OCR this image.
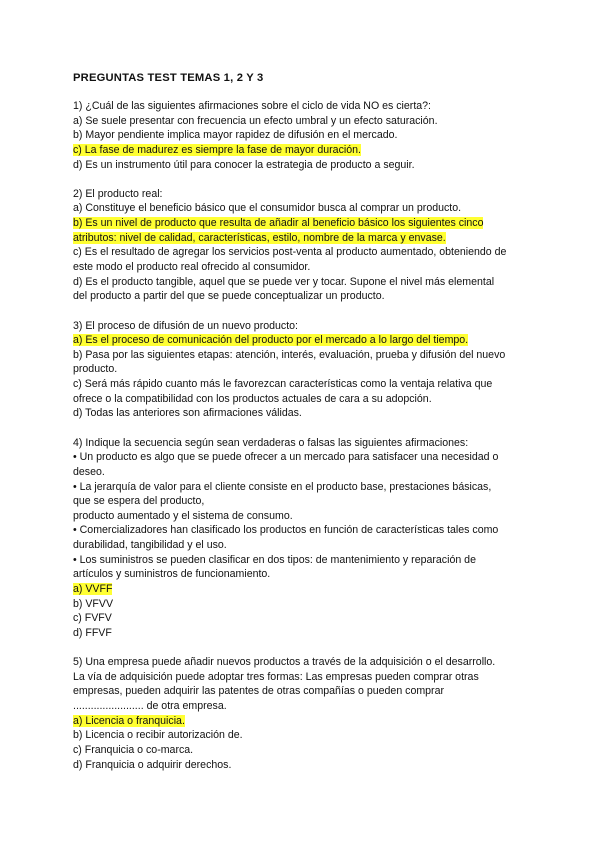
PREGUNTAS TEST TEMAS 1, 2 Y 3
1) ¿Cuál de las siguientes afirmaciones sobre el ciclo de vida NO es cierta?:
a) Se suele presentar con frecuencia un efecto umbral y un efecto saturación.
b) Mayor pendiente implica mayor rapidez de difusión en el mercado.
c) La fase de madurez es siempre la fase de mayor duración.
d) Es un instrumento útil para conocer la estrategia de producto a seguir.
2) El producto real:
a) Constituye el beneficio básico que el consumidor busca al comprar un producto.
b) Es un nivel de producto que resulta de añadir al beneficio básico los siguientes cinco
atributos: nivel de calidad, características, estilo, nombre de la marca y envase.
c) Es el resultado de agregar los servicios post-venta al producto aumentado, obteniendo de
este modo el producto real ofrecido al consumidor.
d) Es el producto tangible, aquel que se puede ver y tocar. Supone el nivel más elemental
del producto a partir del que se puede conceptualizar un producto.
3) El proceso de difusión de un nuevo producto:
a) Es el proceso de comunicación del producto por el mercado a lo largo del tiempo.
b) Pasa por las siguientes etapas: atención, interés, evaluación, prueba y difusión del nuevo
producto.
c) Será más rápido cuanto más le favorezcan características como la ventaja relativa que
ofrece o la compatibilidad con los productos actuales de cara a su adopción.
d) Todas las anteriores son afirmaciones válidas.
4) Indique la secuencia según sean verdaderas o falsas las siguientes afirmaciones:
• Un producto es algo que se puede ofrecer a un mercado para satisfacer una necesidad o
deseo.
• La jerarquía de valor para el cliente consiste en el producto base, prestaciones básicas,
que se espera del producto,
producto aumentado y el sistema de consumo.
• Comercializadores han clasificado los productos en función de características tales como
durabilidad, tangibilidad y el uso.
• Los suministros se pueden clasificar en dos tipos: de mantenimiento y reparación de
artículos y suministros de funcionamiento.
a) VVFF
b) VFVV
c) FVFV
d) FFVF
5) Una empresa puede añadir nuevos productos a través de la adquisición o el desarrollo.
La vía de adquisición puede adoptar tres formas: Las empresas pueden comprar otras
empresas, pueden adquirir las patentes de otras compañías o pueden comprar
........................ de otra empresa.
a) Licencia o franquicia.
b) Licencia o recibir autorización de.
c) Franquicia o co-marca.
d) Franquicia o adquirir derechos.
